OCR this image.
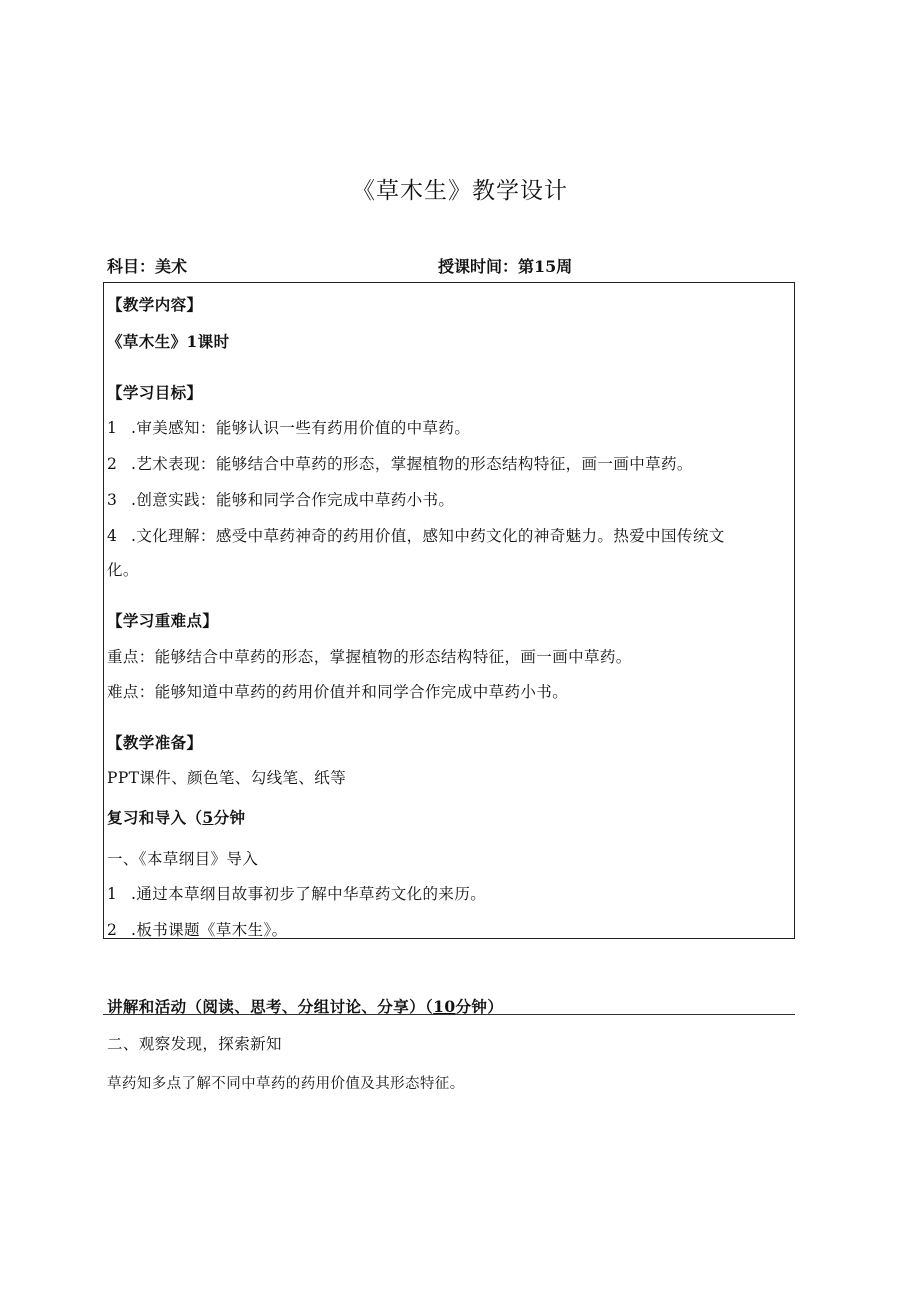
《草木生》教学设计
科目：美术	授课时间：第15周
【教学内容】
《草木生》1课时
【学习目标】
1 .审美感知：能够认识一些有药用价值的中草药。
2 .艺术表现：能够结合中草药的形态，掌握植物的形态结构特征，画一画中草药。
3 .创意实践：能够和同学合作完成中草药小书。
4 .文化理解：感受中草药神奇的药用价值，感知中药文化的神奇魅力。热爱中国传统文
化。
【学习重难点】
重点：能够结合中草药的形态，掌握植物的形态结构特征，画一画中草药。
难点：能够知道中草药的药用价值并和同学合作完成中草药小书。
【教学准备】
PPT课件、颜色笔、勾线笔、纸等
复习和导入（5分钟
一、《本草纲目》导入
1 .通过本草纲目故事初步了解中华草药文化的来历。
2 .板书课题《草木生》。
讲解和活动（阅读、思考、分组讨论、分享）（10分钟）
二、观察发现，探索新知
草药知多点了解不同中草药的药用价值及其形态特征。
